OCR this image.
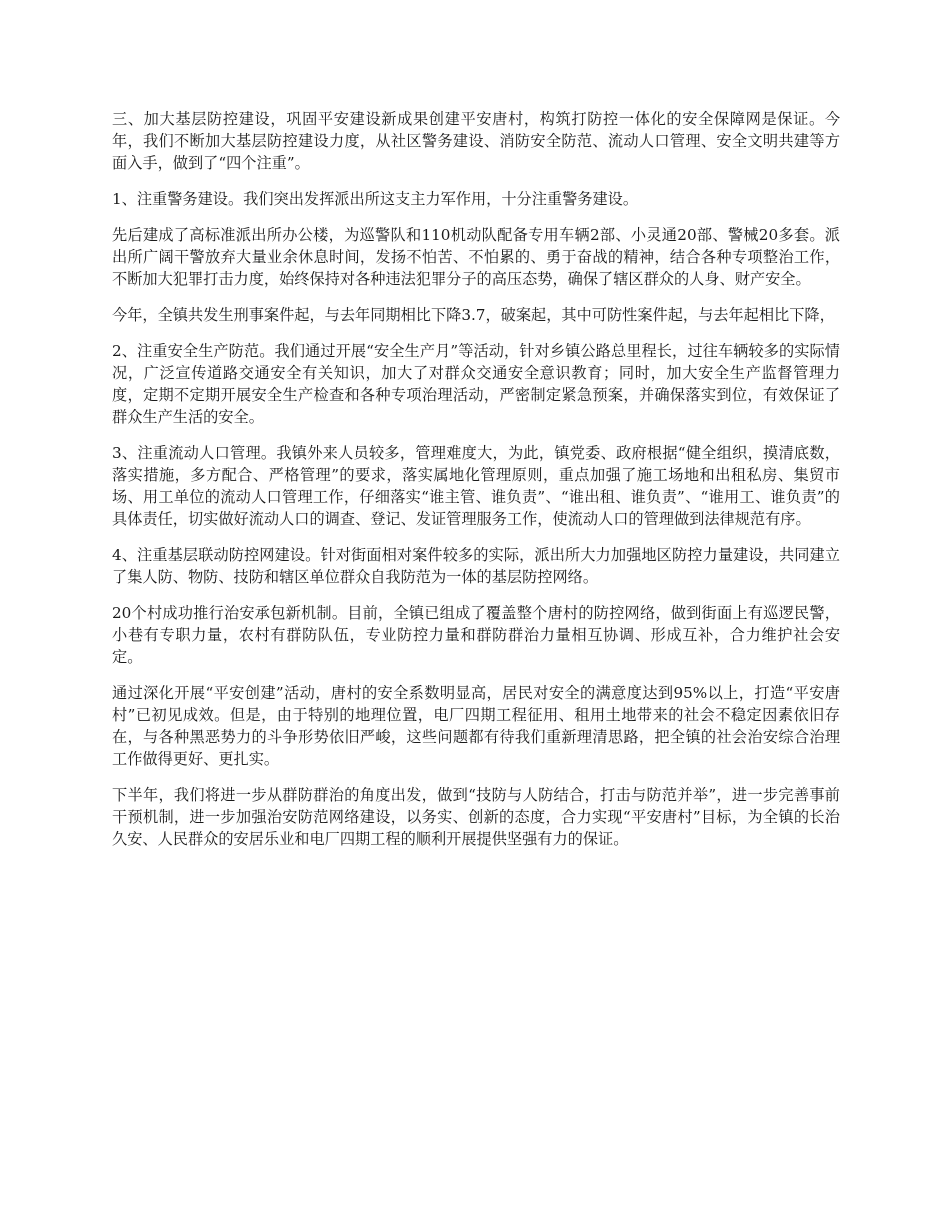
三、加大基层防控建设，巩固平安建设新成果创建平安唐村，构筑打防控一体化的安全保障网是保证。今年，我们不断加大基层防控建设力度，从社区警务建设、消防安全防范、流动人口管理、安全文明共建等方面入手，做到了“四个注重”。

1、注重警务建设。我们突出发挥派出所这支主力军作用，十分注重警务建设。

先后建成了高标准派出所办公楼，为巡警队和110机动队配备专用车辆2部、小灵通20部、警械20多套。派出所广阔干警放弃大量业余休息时间，发扬不怕苦、不怕累的、勇于奋战的精神，结合各种专项整治工作，不断加大犯罪打击力度，始终保持对各种违法犯罪分子的高压态势，确保了辖区群众的人身、财产安全。

今年，全镇共发生刑事案件起，与去年同期相比下降3.7，破案起，其中可防性案件起，与去年起相比下降，

2、注重安全生产防范。我们通过开展“安全生产月”等活动，针对乡镇公路总里程长，过往车辆较多的实际情况，广泛宣传道路交通安全有关知识，加大了对群众交通安全意识教育；同时，加大安全生产监督管理力度，定期不定期开展安全生产检查和各种专项治理活动，严密制定紧急预案，并确保落实到位，有效保证了群众生产生活的安全。

3、注重流动人口管理。我镇外来人员较多，管理难度大，为此，镇党委、政府根据“健全组织，摸清底数，落实措施，多方配合、严格管理”的要求，落实属地化管理原则，重点加强了施工场地和出租私房、集贸市场、用工单位的流动人口管理工作，仔细落实“谁主管、谁负责”、“谁出租、谁负责”、“谁用工、谁负责”的具体责任，切实做好流动人口的调查、登记、发证管理服务工作，使流动人口的管理做到法律规范有序。

4、注重基层联动防控网建设。针对街面相对案件较多的实际，派出所大力加强地区防控力量建设，共同建立了集人防、物防、技防和辖区单位群众自我防范为一体的基层防控网络。

20个村成功推行治安承包新机制。目前，全镇已组成了覆盖整个唐村的防控网络，做到街面上有巡逻民警，小巷有专职力量，农村有群防队伍，专业防控力量和群防群治力量相互协调、形成互补，合力维护社会安定。

通过深化开展“平安创建”活动，唐村的安全系数明显高，居民对安全的满意度达到95%以上，打造“平安唐村”已初见成效。但是，由于特别的地理位置，电厂四期工程征用、租用土地带来的社会不稳定因素依旧存在，与各种黑恶势力的斗争形势依旧严峻，这些问题都有待我们重新理清思路，把全镇的社会治安综合治理工作做得更好、更扎实。

下半年，我们将进一步从群防群治的角度出发，做到“技防与人防结合，打击与防范并举”，进一步完善事前干预机制，进一步加强治安防范网络建设，以务实、创新的态度，合力实现“平安唐村”目标，为全镇的长治久安、人民群众的安居乐业和电厂四期工程的顺利开展提供坚强有力的保证。
